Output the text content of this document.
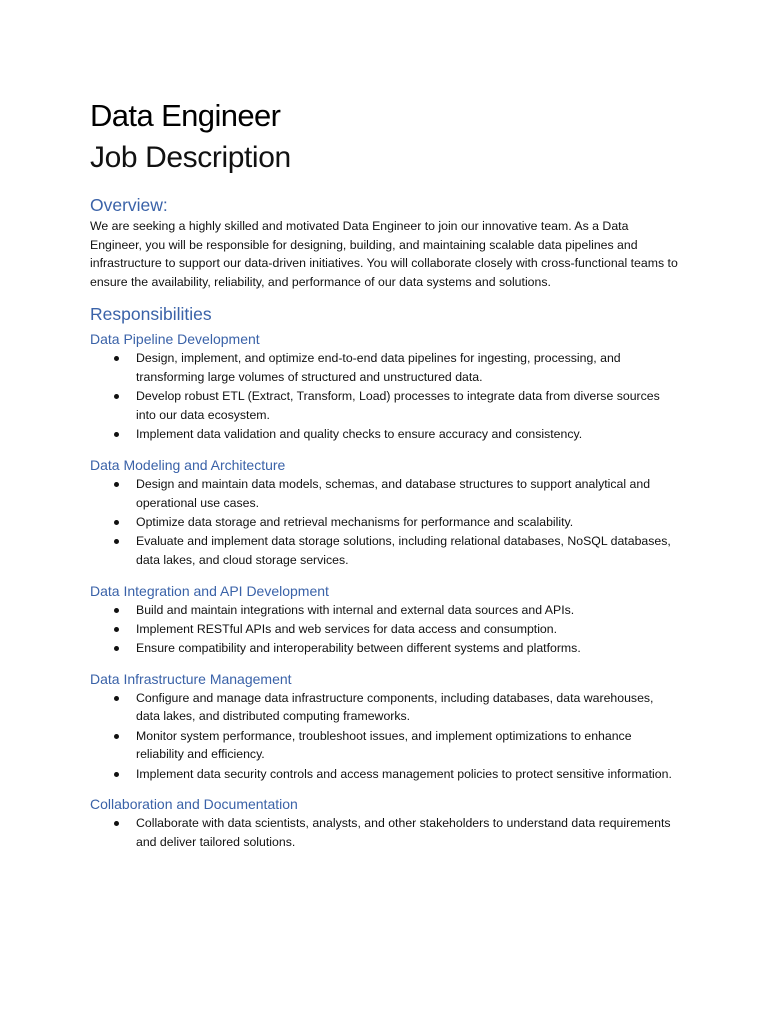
Data Engineer
Job Description
Overview:

We are seeking a highly skilled and motivated Data Engineer to join our innovative team. As a Data Engineer, you will be responsible for designing, building, and maintaining scalable data pipelines and infrastructure to support our data-driven initiatives. You will collaborate closely with cross-functional teams to ensure the availability, reliability, and performance of our data systems and solutions.

Responsibilities
Data Pipeline Development
Design, implement, and optimize end-to-end data pipelines for ingesting, processing, and transforming large volumes of structured and unstructured data.
Develop robust ETL (Extract, Transform, Load) processes to integrate data from diverse sources into our data ecosystem.
Implement data validation and quality checks to ensure accuracy and consistency.
Data Modeling and Architecture
Design and maintain data models, schemas, and database structures to support analytical and operational use cases.
Optimize data storage and retrieval mechanisms for performance and scalability.
Evaluate and implement data storage solutions, including relational databases, NoSQL databases, data lakes, and cloud storage services.
Data Integration and API Development
Build and maintain integrations with internal and external data sources and APIs.
Implement RESTful APIs and web services for data access and consumption.
Ensure compatibility and interoperability between different systems and platforms.
Data Infrastructure Management
Configure and manage data infrastructure components, including databases, data warehouses, data lakes, and distributed computing frameworks.
Monitor system performance, troubleshoot issues, and implement optimizations to enhance reliability and efficiency.
Implement data security controls and access management policies to protect sensitive information.
Collaboration and Documentation
Collaborate with data scientists, analysts, and other stakeholders to understand data requirements and deliver tailored solutions.
